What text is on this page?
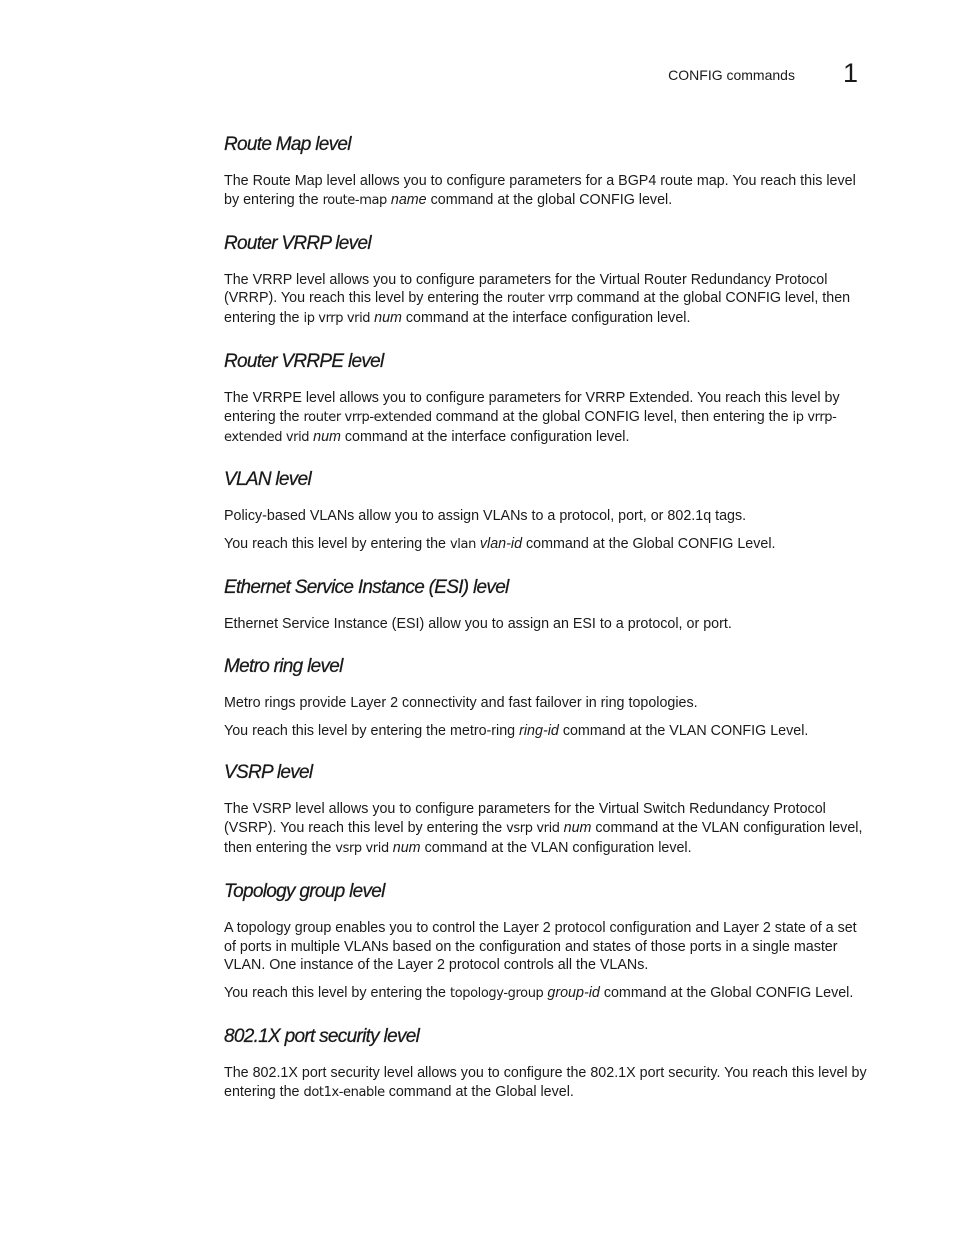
CONFIG commands 1
Route Map level

The Route Map level allows you to configure parameters for a BGP4 route map. You reach this level by entering the route-map name command at the global CONFIG level.

Router VRRP level

The VRRP level allows you to configure parameters for the Virtual Router Redundancy Protocol (VRRP). You reach this level by entering the router vrrp command at the global CONFIG level, then entering the ip vrrp vrid num command at the interface configuration level.

Router VRRPE level

The VRRPE level allows you to configure parameters for VRRP Extended. You reach this level by entering the router vrrp-extended command at the global CONFIG level, then entering the ip vrrp-extended vrid num command at the interface configuration level.

VLAN level

Policy-based VLANs allow you to assign VLANs to a protocol, port, or 802.1q tags.

You reach this level by entering the vlan vlan-id command at the Global CONFIG Level.

Ethernet Service Instance (ESI) level

Ethernet Service Instance (ESI) allow you to assign an ESI to a protocol, or port.

Metro ring level

Metro rings provide Layer 2 connectivity and fast failover in ring topologies.

You reach this level by entering the metro-ring ring-id command at the VLAN CONFIG Level.

VSRP level

The VSRP level allows you to configure parameters for the Virtual Switch Redundancy Protocol (VSRP). You reach this level by entering the vsrp vrid num command at the VLAN configuration level, then entering the vsrp vrid num command at the VLAN configuration level.

Topology group level

A topology group enables you to control the Layer 2 protocol configuration and Layer 2 state of a set of ports in multiple VLANs based on the configuration and states of those ports in a single master VLAN. One instance of the Layer 2 protocol controls all the VLANs.

You reach this level by entering the topology-group group-id command at the Global CONFIG Level.

802.1X port security level

The 802.1X port security level allows you to configure the 802.1X port security. You reach this level by entering the dot1x-enable command at the Global level.
